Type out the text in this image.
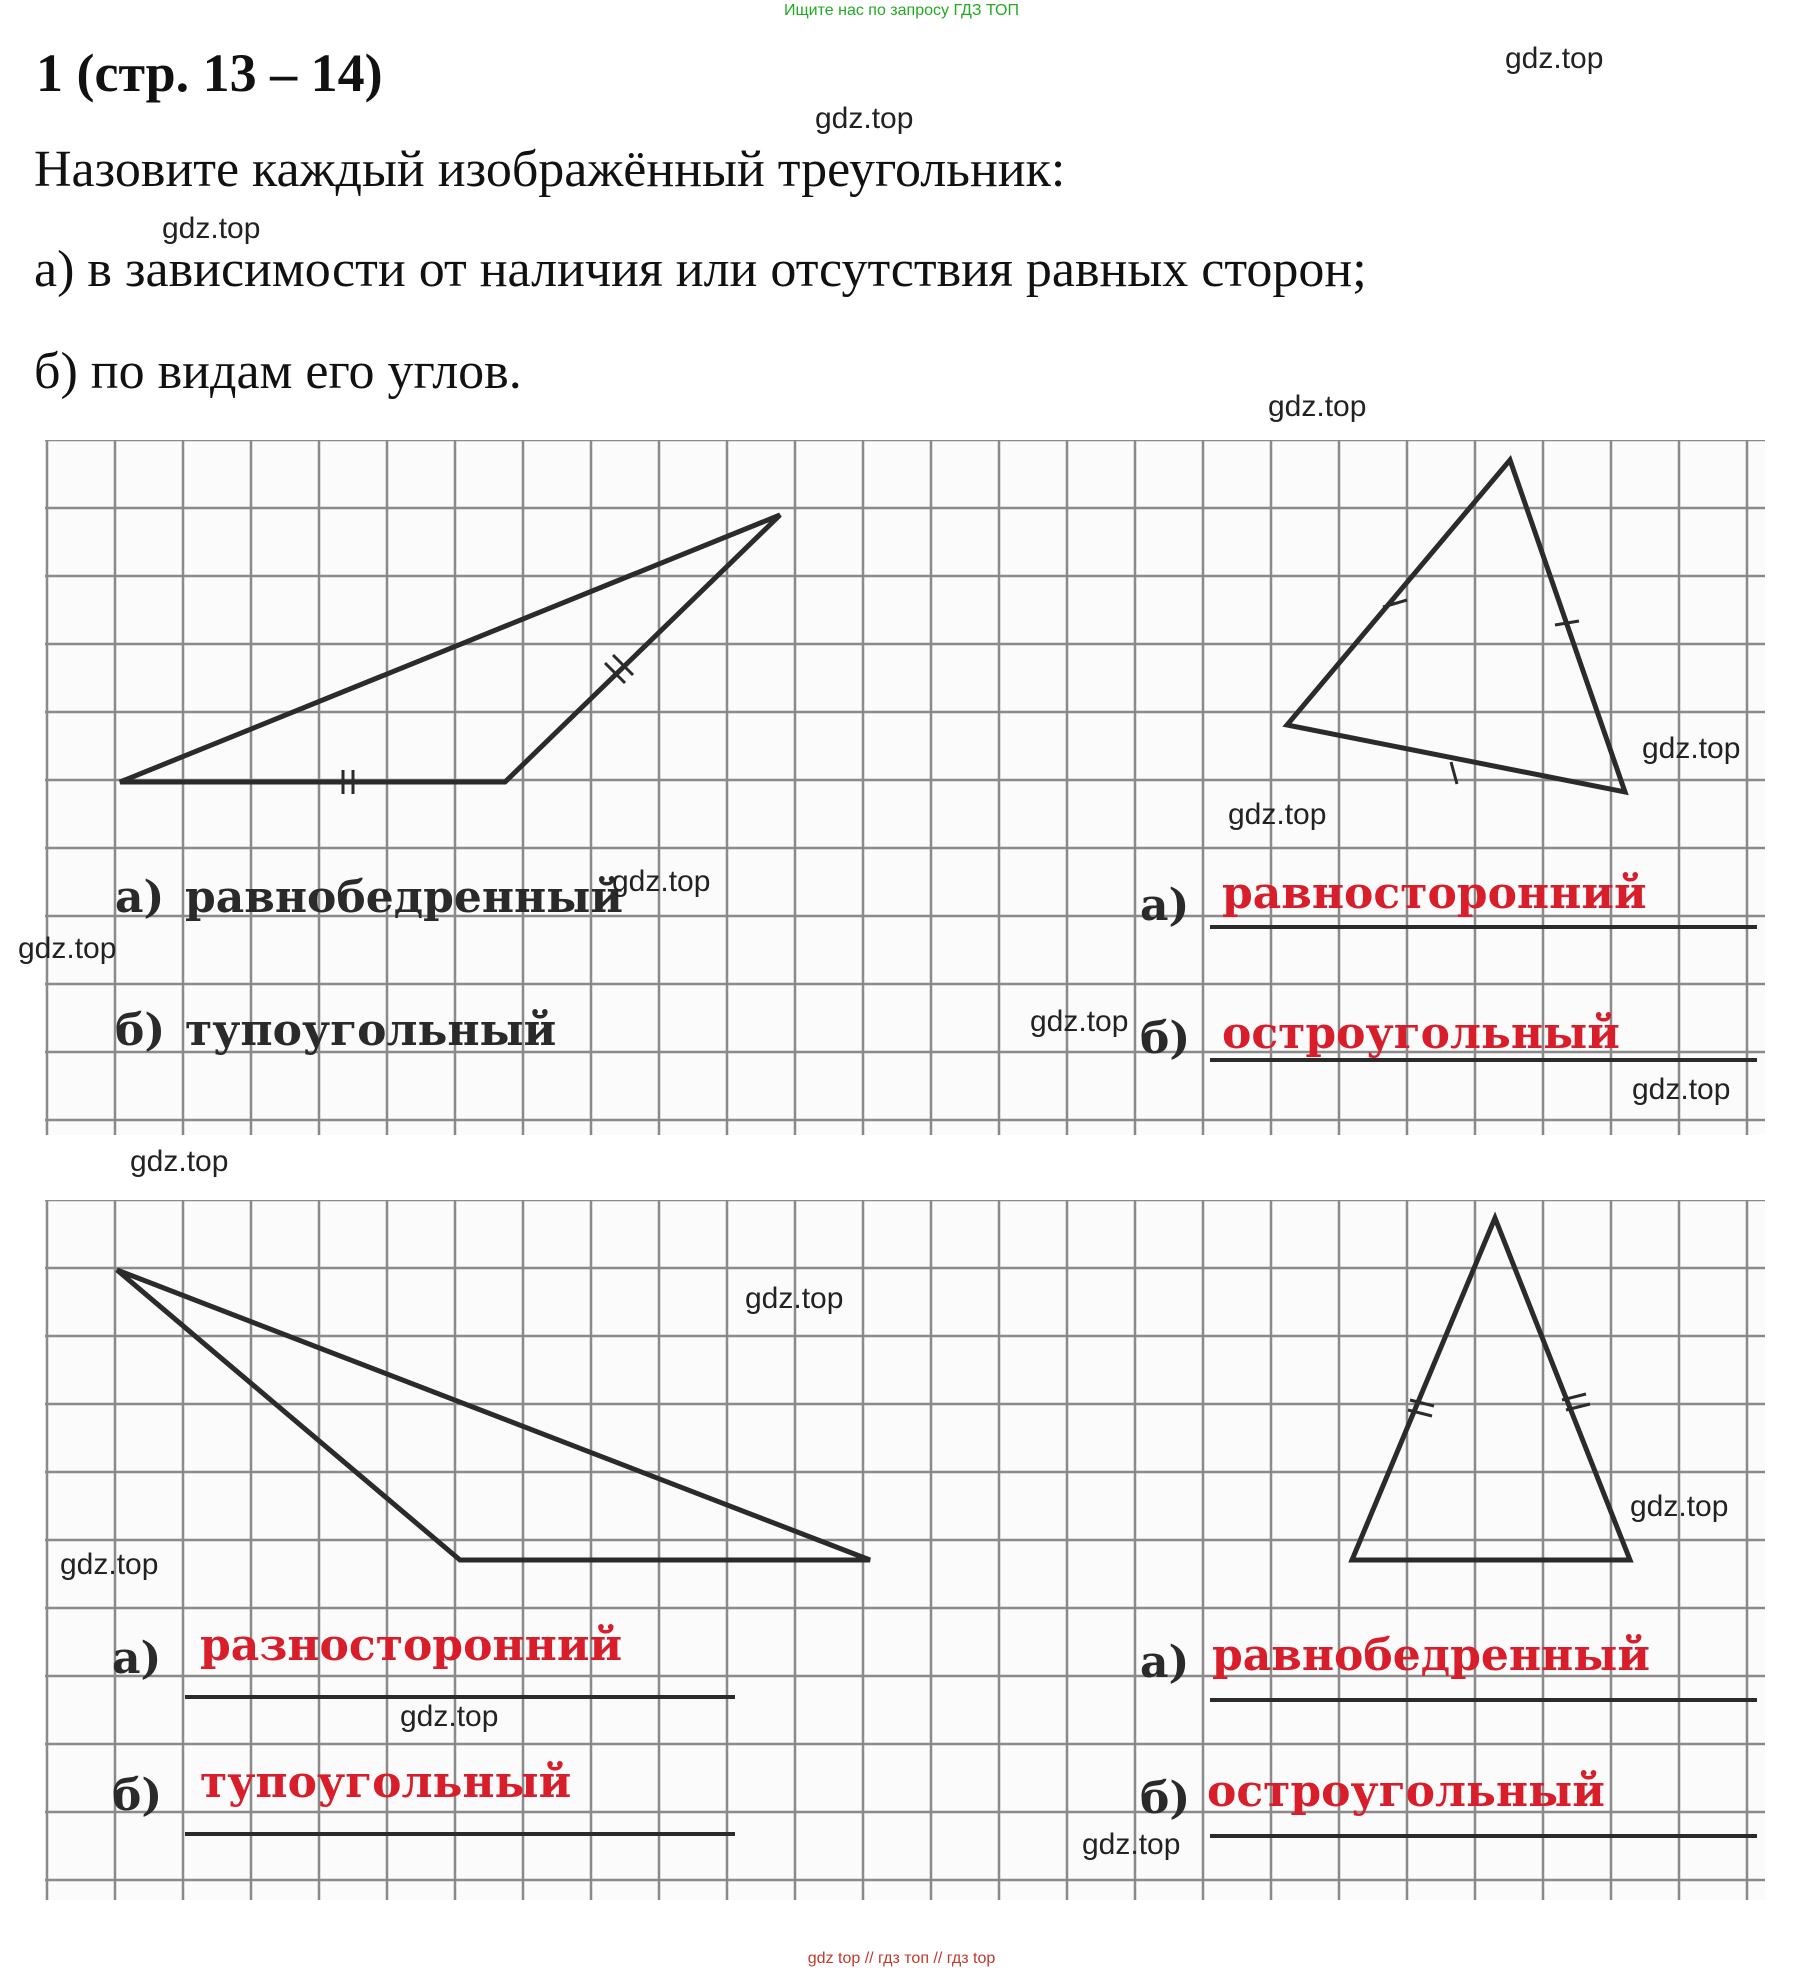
Ищите нас по запросу ГДЗ ТОП
1 (стр. 13 – 14)
Назовите каждый изображённый треугольник:
а) в зависимости от наличия или отсутствия равных сторон;
б) по видам его углов.
а) равнобедренный
б) тупоугольный
а) равносторонний
б) остроугольный
а) разносторонний
б) тупоугольный
а) равнобедренный
б) остроугольный
gdz.top
gdz.top
gdz.top
gdz.top
gdz.top
gdz.top
gdz.top
gdz.top
gdz.top
gdz.top
gdz.top
gdz.top
gdz.top
gdz.top
gdz.top
gdz.top
gdz top // гдз топ // гдз top
